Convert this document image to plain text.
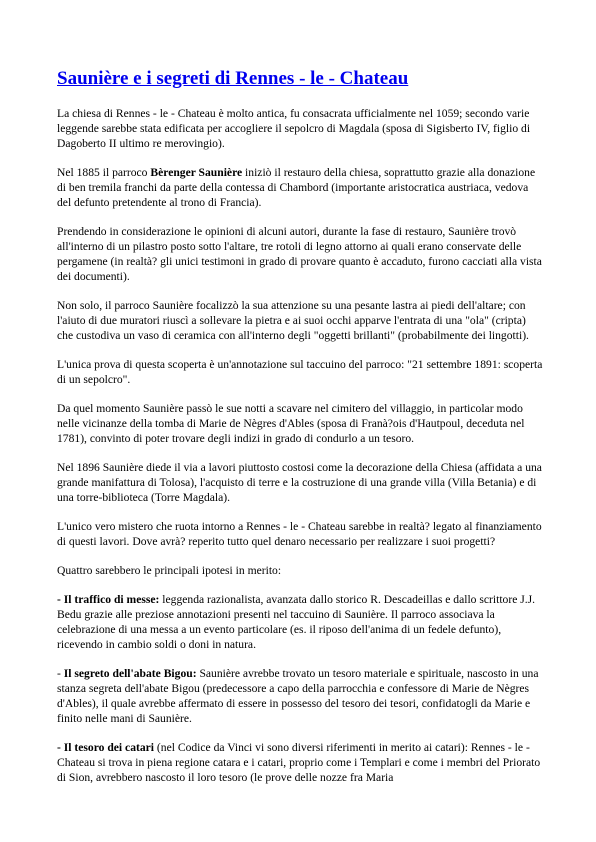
Saunière e i segreti di Rennes - le - Chateau

La chiesa di Rennes - le - Chateau è molto antica, fu consacrata ufficialmente nel 1059; secondo varie leggende sarebbe stata edificata per accogliere il sepolcro di Magdala (sposa di Sigisberto IV, figlio di Dagoberto II ultimo re merovingio).

Nel 1885 il parroco Bèrenger Saunière iniziò il restauro della chiesa, soprattutto grazie alla donazione di ben tremila franchi da parte della contessa di Chambord (importante aristocratica austriaca, vedova del defunto pretendente al trono di Francia).

Prendendo in considerazione le opinioni di alcuni autori, durante la fase di restauro, Saunière trovò all'interno di un pilastro posto sotto l'altare, tre rotoli di legno attorno ai quali erano conservate delle pergamene (in realtà? gli unici testimoni in grado di provare quanto è accaduto, furono cacciati alla vista dei documenti).

Non solo, il parroco Saunière focalizzò la sua attenzione su una pesante lastra ai piedi dell'altare; con l'aiuto di due muratori riuscì a sollevare la pietra e ai suoi occhi apparve l'entrata di una "ola" (cripta) che custodiva un vaso di ceramica con all'interno degli "oggetti brillanti" (probabilmente dei lingotti).

L'unica prova di questa scoperta è un'annotazione sul taccuino del parroco: "21 settembre 1891: scoperta di un sepolcro".

Da quel momento Saunière passò le sue notti a scavare nel cimitero del villaggio, in particolar modo nelle vicinanze della tomba di Marie de Nègres d'Ables (sposa di Franà?ois d'Hautpoul, deceduta nel 1781), convinto di poter trovare degli indizi in grado di condurlo a un tesoro.

Nel 1896 Saunière diede il via a lavori piuttosto costosi come la decorazione della Chiesa (affidata a una grande manifattura di Tolosa), l'acquisto di terre e la costruzione di una grande villa (Villa Betania) e di una torre-biblioteca (Torre Magdala).

L'unico vero mistero che ruota intorno a Rennes - le - Chateau sarebbe in realtà? legato al finanziamento di questi lavori. Dove avrà? reperito tutto quel denaro necessario per realizzare i suoi progetti?

Quattro sarebbero le principali ipotesi in merito:

- Il traffico di messe: leggenda razionalista, avanzata dallo storico R. Descadeillas e dallo scrittore J.J. Bedu grazie alle preziose annotazioni presenti nel taccuino di Saunière. Il parroco associava la celebrazione di una messa a un evento particolare (es. il riposo dell'anima di un fedele defunto), ricevendo in cambio soldi o doni in natura.

- Il segreto dell'abate Bigou: Saunière avrebbe trovato un tesoro materiale e spirituale, nascosto in una stanza segreta dell'abate Bigou (predecessore a capo della parrocchia e confessore di Marie de Nègres d'Ables), il quale avrebbe affermato di essere in possesso del tesoro dei tesori, confidatogli da Marie e finito nelle mani di Saunière.

- Il tesoro dei catari (nel Codice da Vinci vi sono diversi riferimenti in merito ai catari): Rennes - le - Chateau si trova in piena regione catara e i catari, proprio come i Templari e come i membri del Priorato di Sion, avrebbero nascosto il loro tesoro (le prove delle nozze fra Maria
